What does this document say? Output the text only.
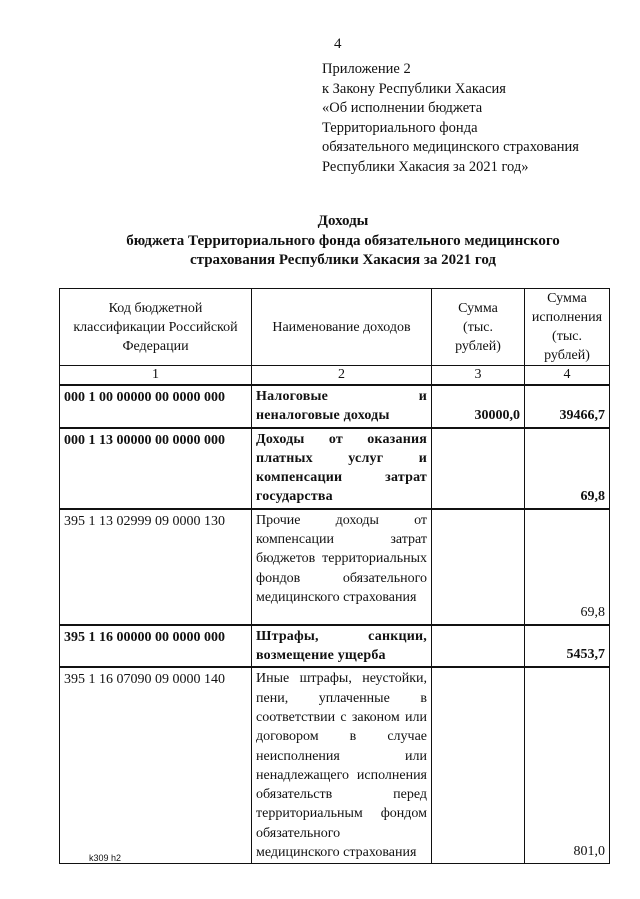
4
Приложение 2
к Закону Республики Хакасия
«Об исполнении бюджета
Территориального фонда
обязательного медицинского страхования
Республики Хакасия за 2021 год»
Доходы
бюджета Территориального фонда обязательного медицинского
страхования Республики Хакасия за 2021 год
Код бюджетной классификации Российской Федерации	Наименование доходов	Сумма (тыс. рублей)	Сумма исполнения (тыс. рублей)
1	2	3	4
000 1 00 00000 00 0000 000	Налоговые и неналоговые доходы	30000,0	39466,7
000 1 13 00000 00 0000 000	Доходы от оказания платных услуг и компенсации затрат государства		69,8
395 1 13 02999 09 0000 130	Прочие доходы от компенсации затрат бюджетов территориальных фондов обязательного медицинского страхования		69,8
395 1 16 00000 00 0000 000	Штрафы, санкции, возмещение ущерба		5453,7
395 1 16 07090 09 0000 140	Иные штрафы, неустойки, пени, уплаченные в соответствии с законом или договором в случае неисполнения или ненадлежащего исполнения обязательств перед территориальным фондом обязательного медицинского страхования		801,0
k309 h2
